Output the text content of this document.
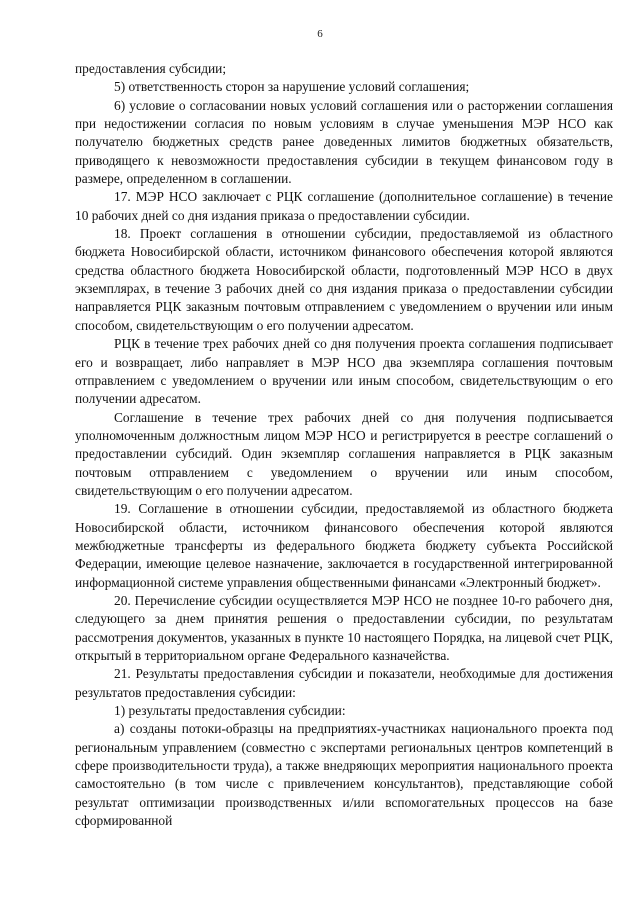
6

предоставления субсидии;

5) ответственность сторон за нарушение условий соглашения;

6) условие о согласовании новых условий соглашения или о расторжении соглашения при недостижении согласия по новым условиям в случае уменьшения МЭР НСО как получателю бюджетных средств ранее доведенных лимитов бюджетных обязательств, приводящего к невозможности предоставления субсидии в текущем финансовом году в размере, определенном в соглашении.

17. МЭР НСО заключает с РЦК соглашение (дополнительное соглашение) в течение 10 рабочих дней со дня издания приказа о предоставлении субсидии.

18. Проект соглашения в отношении субсидии, предоставляемой из областного бюджета Новосибирской области, источником финансового обеспечения которой являются средства областного бюджета Новосибирской области, подготовленный МЭР НСО в двух экземплярах, в течение 3 рабочих дней со дня издания приказа о предоставлении субсидии направляется РЦК заказным почтовым отправлением с уведомлением о вручении или иным способом, свидетельствующим о его получении адресатом.

РЦК в течение трех рабочих дней со дня получения проекта соглашения подписывает его и возвращает, либо направляет в МЭР НСО два экземпляра соглашения почтовым отправлением с уведомлением о вручении или иным способом, свидетельствующим о его получении адресатом.

Соглашение в течение трех рабочих дней со дня получения подписывается уполномоченным должностным лицом МЭР НСО и регистрируется в реестре соглашений о предоставлении субсидий. Один экземпляр соглашения направляется в РЦК заказным почтовым отправлением с уведомлением о вручении или иным способом, свидетельствующим о его получении адресатом.

19. Соглашение в отношении субсидии, предоставляемой из областного бюджета Новосибирской области, источником финансового обеспечения которой являются межбюджетные трансферты из федерального бюджета бюджету субъекта Российской Федерации, имеющие целевое назначение, заключается в государственной интегрированной информационной системе управления общественными финансами «Электронный бюджет».

20. Перечисление субсидии осуществляется МЭР НСО не позднее 10-го рабочего дня, следующего за днем принятия решения о предоставлении субсидии, по результатам рассмотрения документов, указанных в пункте 10 настоящего Порядка, на лицевой счет РЦК, открытый в территориальном органе Федерального казначейства.

21. Результаты предоставления субсидии и показатели, необходимые для достижения результатов предоставления субсидии:

1) результаты предоставления субсидии:

а) созданы потоки-образцы на предприятиях-участниках национального проекта под региональным управлением (совместно с экспертами региональных центров компетенций в сфере производительности труда), а также внедряющих мероприятия национального проекта самостоятельно (в том числе с привлечением консультантов), представляющие собой результат оптимизации производственных и/или вспомогательных процессов на базе сформированной
